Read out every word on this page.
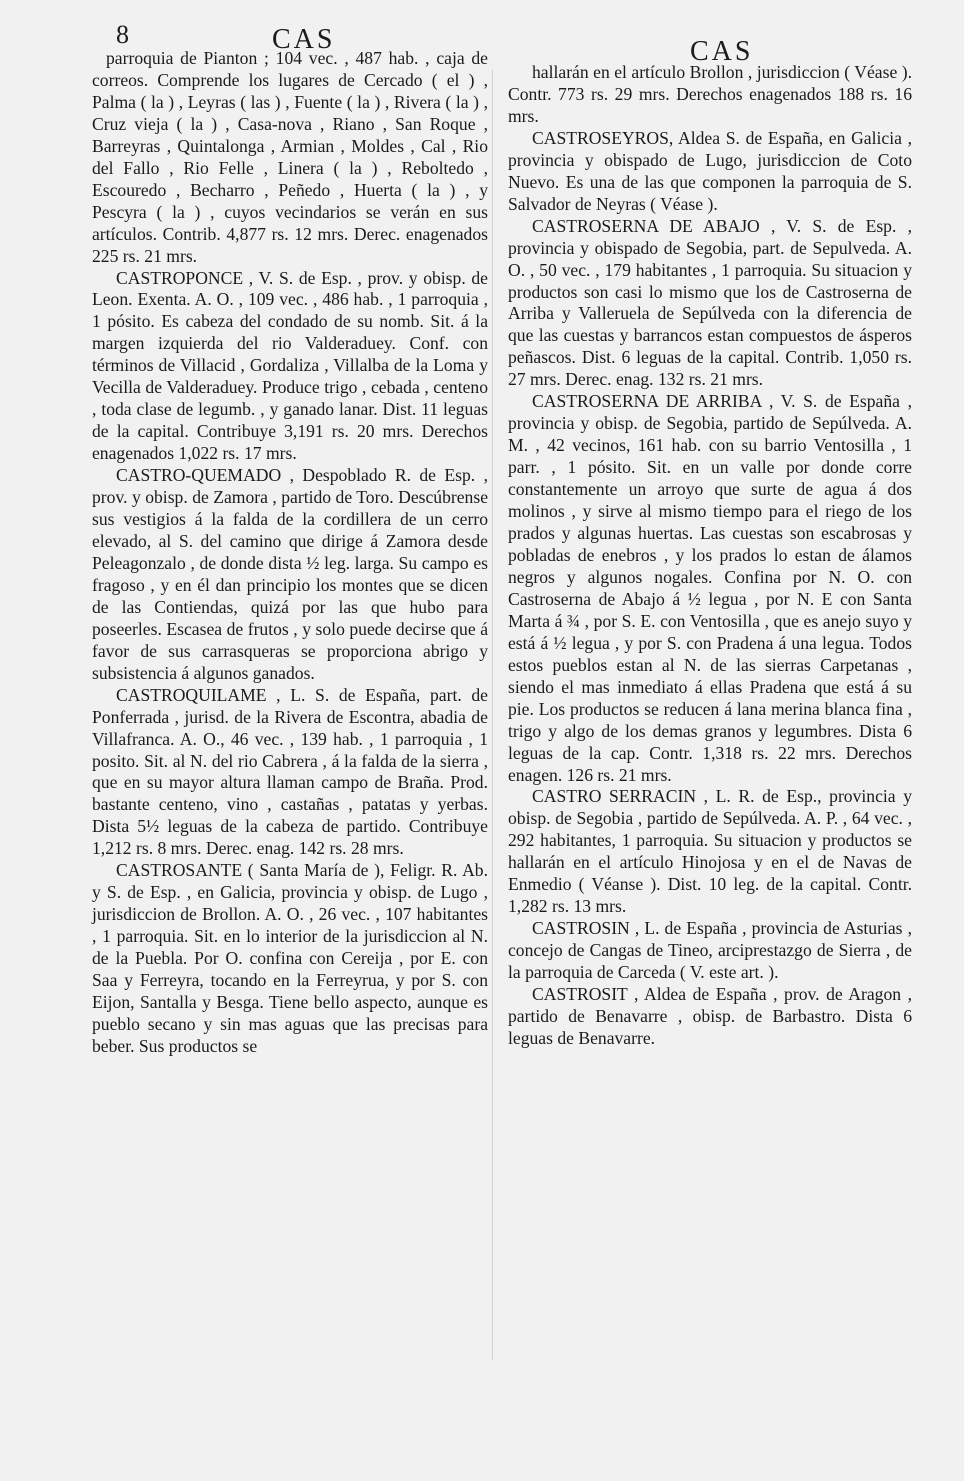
8	CAS	CAS

parroquia de Pianton ; 104 vec. , 487 hab. , caja de correos. Comprende los lugares de Cercado ( el ) , Palma ( la ) , Leyras ( las ) , Fuente ( la ) , Rivera ( la ) , Cruz vieja ( la ) , Casa-nova , Riano , San Roque , Barreyras , Quintalonga , Armian , Moldes , Cal , Rio del Fallo , Rio Felle , Linera ( la ) , Reboltedo , Escouredo , Becharro , Peñedo , Huerta ( la ) , y Pescyra ( la ) , cuyos vecindarios se verán en sus artículos. Contrib. 4,877 rs. 12 mrs. Derec. enagenados 225 rs. 21 mrs.

CASTROPONCE , V. S. de Esp. , prov. y obisp. de Leon. Exenta. A. O. , 109 vec. , 486 hab. , 1 parroquia , 1 pósito. Es cabeza del condado de su nomb. Sit. á la margen izquierda del rio Valderaduey. Conf. con términos de Villacid , Gordaliza , Villalba de la Loma y Vecilla de Valderaduey. Produce trigo , cebada , centeno , toda clase de legumb. , y ganado lanar. Dist. 11 leguas de la capital. Contribuye 3,191 rs. 20 mrs. Derechos enagenados 1,022 rs. 17 mrs.

CASTRO-QUEMADO , Despoblado R. de Esp. , prov. y obisp. de Zamora , partido de Toro. Descúbrense sus vestigios á la falda de la cordillera de un cerro elevado, al S. del camino que dirige á Zamora desde Peleagonzalo , de donde dista ½ leg. larga. Su campo es fragoso , y en él dan principio los montes que se dicen de las Contiendas, quizá por las que hubo para poseerles. Escasea de frutos , y solo puede decirse que á favor de sus carrasqueras se proporciona abrigo y subsistencia á algunos ganados.

CASTROQUILAME , L. S. de España, part. de Ponferrada , jurisd. de la Rivera de Escontra, abadia de Villafranca. A. O., 46 vec. , 139 hab. , 1 parroquia , 1 posito. Sit. al N. del rio Cabrera , á la falda de la sierra , que en su mayor altura llaman campo de Braña. Prod. bastante centeno, vino , castañas , patatas y yerbas. Dista 5½ leguas de la cabeza de partido. Contribuye 1,212 rs. 8 mrs. Derec. enag. 142 rs. 28 mrs.

CASTROSANTE ( Santa María de ), Feligr. R. Ab. y S. de Esp. , en Galicia, provincia y obisp. de Lugo , jurisdiccion de Brollon. A. O. , 26 vec. , 107 habitantes , 1 parroquia. Sit. en lo interior de la jurisdiccion al N. de la Puebla. Por O. confina con Cereija , por E. con Saa y Ferreyra, tocando en la Ferreyrua, y por S. con Eijon, Santalla y Besga. Tiene bello aspecto, aunque es pueblo secano y sin mas aguas que las precisas para beber. Sus productos se

hallarán en el artículo Brollon , jurisdiccion ( Véase ). Contr. 773 rs. 29 mrs. Derechos enagenados 188 rs. 16 mrs.

CASTROSEYROS, Aldea S. de España, en Galicia , provincia y obispado de Lugo, jurisdiccion de Coto Nuevo. Es una de las que componen la parroquia de S. Salvador de Neyras ( Véase ).

CASTROSERNA DE ABAJO , V. S. de Esp. , provincia y obispado de Segobia, part. de Sepulveda. A. O. , 50 vec. , 179 habitantes , 1 parroquia. Su situacion y productos son casi lo mismo que los de Castroserna de Arriba y Valleruela de Sepúlveda con la diferencia de que las cuestas y barrancos estan compuestos de ásperos peñascos. Dist. 6 leguas de la capital. Contrib. 1,050 rs. 27 mrs. Derec. enag. 132 rs. 21 mrs.

CASTROSERNA DE ARRIBA , V. S. de España , provincia y obisp. de Segobia, partido de Sepúlveda. A. M. , 42 vecinos, 161 hab. con su barrio Ventosilla , 1 parr. , 1 pósito. Sit. en un valle por donde corre constantemente un arroyo que surte de agua á dos molinos , y sirve al mismo tiempo para el riego de los prados y algunas huertas. Las cuestas son escabrosas y pobladas de enebros , y los prados lo estan de álamos negros y algunos nogales. Confina por N. O. con Castroserna de Abajo á ½ legua , por N. E con Santa Marta á ¾ , por S. E. con Ventosilla , que es anejo suyo y está á ½ legua , y por S. con Pradena á una legua. Todos estos pueblos estan al N. de las sierras Carpetanas , siendo el mas inmediato á ellas Pradena que está á su pie. Los productos se reducen á lana merina blanca fina , trigo y algo de los demas granos y legumbres. Dista 6 leguas de la cap. Contr. 1,318 rs. 22 mrs. Derechos enagen. 126 rs. 21 mrs.

CASTRO SERRACIN , L. R. de Esp., provincia y obisp. de Segobia , partido de Sepúlveda. A. P. , 64 vec. , 292 habitantes, 1 parroquia. Su situacion y productos se hallarán en el artículo Hinojosa y en el de Navas de Enmedio ( Véanse ). Dist. 10 leg. de la capital. Contr. 1,282 rs. 13 mrs.

CASTROSIN , L. de España , provincia de Asturias , concejo de Cangas de Tineo, arciprestazgo de Sierra , de la parroquia de Carceda ( V. este art. ).

CASTROSIT , Aldea de España , prov. de Aragon , partido de Benavarre , obisp. de Barbastro. Dista 6 leguas de Benavarre.
